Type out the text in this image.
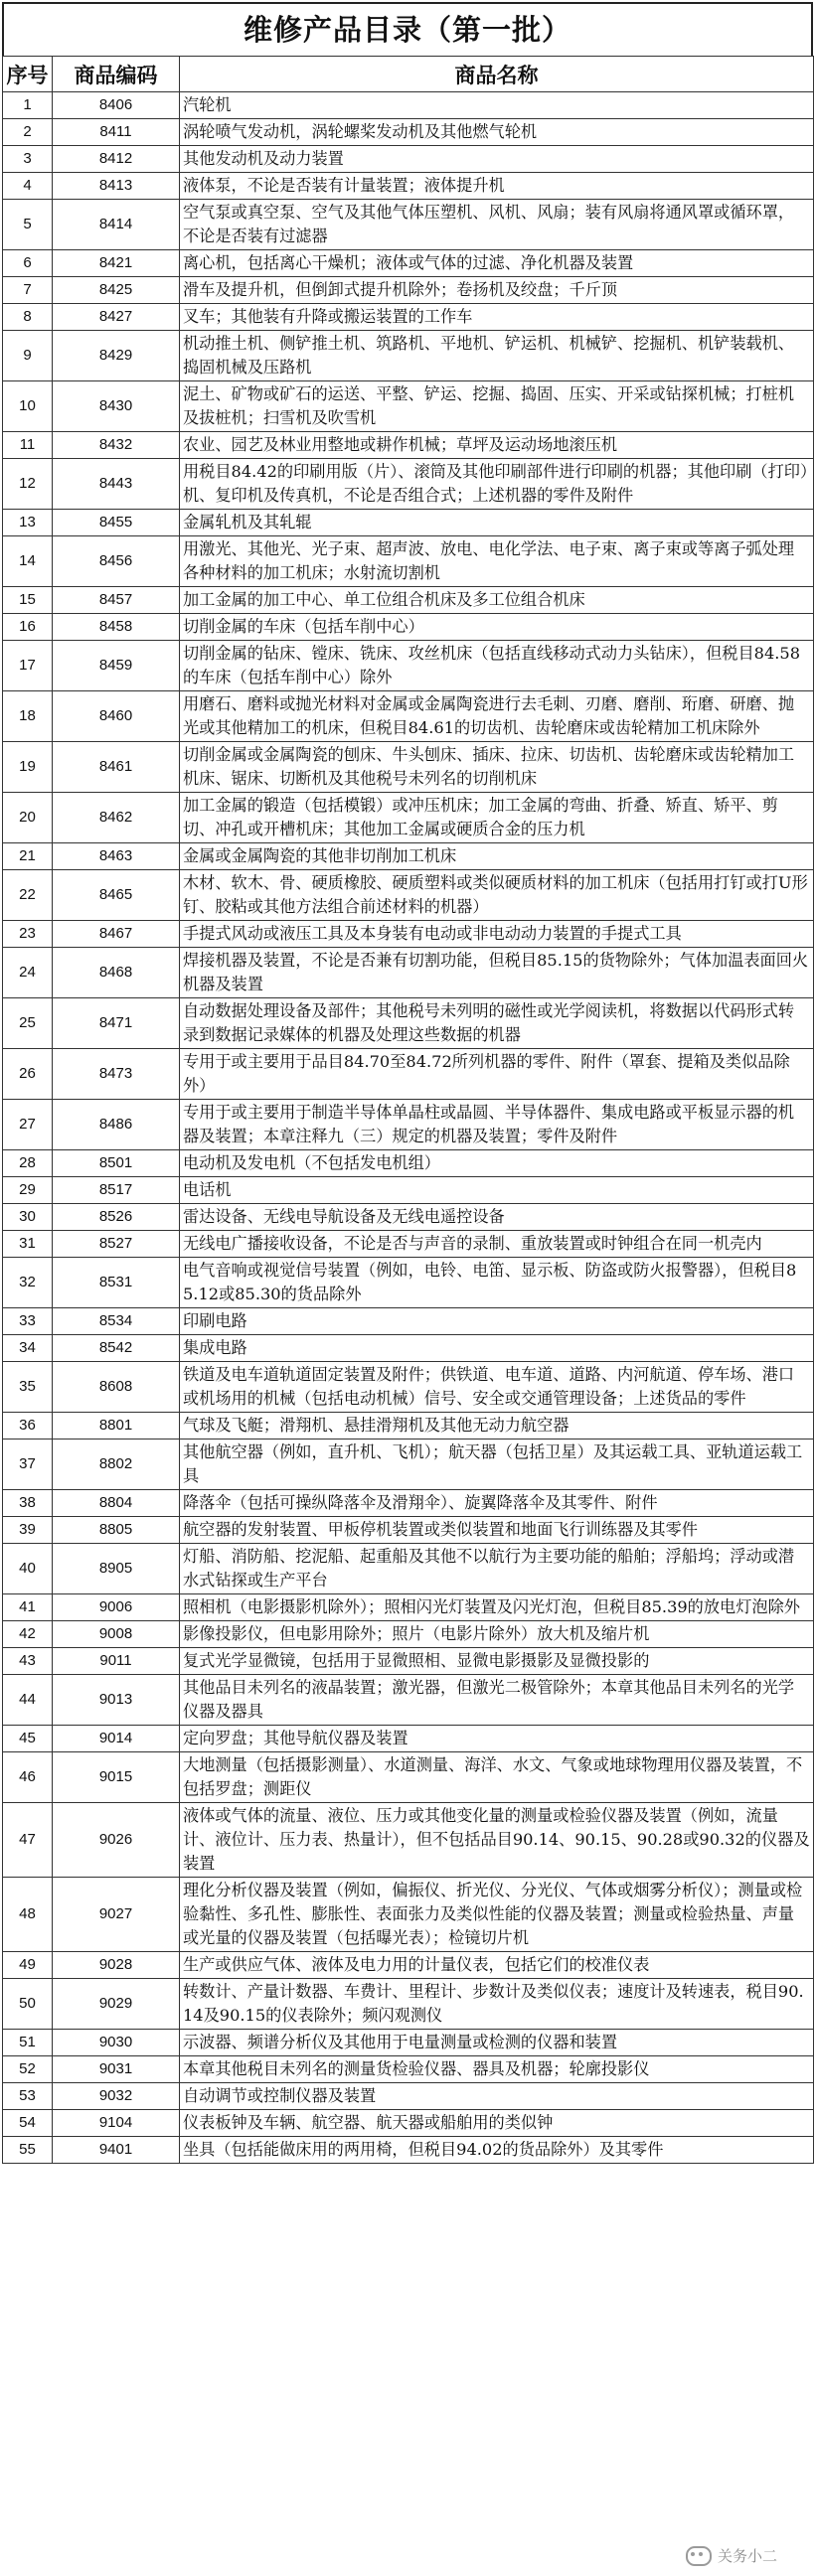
维修产品目录（第一批）
序号	商品编码	商品名称
1	8406	汽轮机
2	8411	涡轮喷气发动机，涡轮螺桨发动机及其他燃气轮机
3	8412	其他发动机及动力装置
4	8413	液体泵，不论是否装有计量装置；液体提升机
5	8414	空气泵或真空泵、空气及其他气体压塑机、风机、风扇；装有风扇将通风罩或循环罩，不论是否装有过滤器
6	8421	离心机，包括离心干燥机；液体或气体的过滤、净化机器及装置
7	8425	滑车及提升机，但倒卸式提升机除外；卷扬机及绞盘；千斤顶
8	8427	叉车；其他装有升降或搬运装置的工作车
9	8429	机动推土机、侧铲推土机、筑路机、平地机、铲运机、机械铲、挖掘机、机铲装载机、捣固机械及压路机
10	8430	泥土、矿物或矿石的运送、平整、铲运、挖掘、捣固、压实、开采或钻探机械；打桩机及拔桩机；扫雪机及吹雪机
11	8432	农业、园艺及林业用整地或耕作机械；草坪及运动场地滚压机
12	8443	用税目84.42的印刷用版（片）、滚筒及其他印刷部件进行印刷的机器；其他印刷（打印）机、复印机及传真机，不论是否组合式；上述机器的零件及附件
13	8455	金属轧机及其轧辊
14	8456	用激光、其他光、光子束、超声波、放电、电化学法、电子束、离子束或等离子弧处理各种材料的加工机床；水射流切割机
15	8457	加工金属的加工中心、单工位组合机床及多工位组合机床
16	8458	切削金属的车床（包括车削中心）
17	8459	切削金属的钻床、镗床、铣床、攻丝机床（包括直线移动式动力头钻床），但税目84.58的车床（包括车削中心）除外
18	8460	用磨石、磨料或抛光材料对金属或金属陶瓷进行去毛刺、刃磨、磨削、珩磨、研磨、抛光或其他精加工的机床，但税目84.61的切齿机、齿轮磨床或齿轮精加工机床除外
19	8461	切削金属或金属陶瓷的刨床、牛头刨床、插床、拉床、切齿机、齿轮磨床或齿轮精加工机床、锯床、切断机及其他税号未列名的切削机床
20	8462	加工金属的锻造（包括模锻）或冲压机床；加工金属的弯曲、折叠、矫直、矫平、剪切、冲孔或开槽机床；其他加工金属或硬质合金的压力机
21	8463	金属或金属陶瓷的其他非切削加工机床
22	8465	木材、软木、骨、硬质橡胶、硬质塑料或类似硬质材料的加工机床（包括用打钉或打U形钉、胶粘或其他方法组合前述材料的机器）
23	8467	手提式风动或液压工具及本身装有电动或非电动动力装置的手提式工具
24	8468	焊接机器及装置，不论是否兼有切割功能，但税目85.15的货物除外；气体加温表面回火机器及装置
25	8471	自动数据处理设备及部件；其他税号未列明的磁性或光学阅读机，将数据以代码形式转录到数据记录媒体的机器及处理这些数据的机器
26	8473	专用于或主要用于品目84.70至84.72所列机器的零件、附件（罩套、提箱及类似品除外）
27	8486	专用于或主要用于制造半导体单晶柱或晶圆、半导体器件、集成电路或平板显示器的机器及装置；本章注释九（三）规定的机器及装置；零件及附件
28	8501	电动机及发电机（不包括发电机组）
29	8517	电话机
30	8526	雷达设备、无线电导航设备及无线电遥控设备
31	8527	无线电广播接收设备，不论是否与声音的录制、重放装置或时钟组合在同一机壳内
32	8531	电气音响或视觉信号装置（例如，电铃、电笛、显示板、防盗或防火报警器），但税目85.12或85.30的货品除外
33	8534	印刷电路
34	8542	集成电路
35	8608	铁道及电车道轨道固定装置及附件；供铁道、电车道、道路、内河航道、停车场、港口或机场用的机械（包括电动机械）信号、安全或交通管理设备；上述货品的零件
36	8801	气球及飞艇；滑翔机、悬挂滑翔机及其他无动力航空器
37	8802	其他航空器（例如，直升机、飞机）；航天器（包括卫星）及其运载工具、亚轨道运载工具
38	8804	降落伞（包括可操纵降落伞及滑翔伞）、旋翼降落伞及其零件、附件
39	8805	航空器的发射装置、甲板停机装置或类似装置和地面飞行训练器及其零件
40	8905	灯船、消防船、挖泥船、起重船及其他不以航行为主要功能的船舶；浮船坞；浮动或潜水式钻探或生产平台
41	9006	照相机（电影摄影机除外）；照相闪光灯装置及闪光灯泡，但税目85.39的放电灯泡除外
42	9008	影像投影仪，但电影用除外；照片（电影片除外）放大机及缩片机
43	9011	复式光学显微镜，包括用于显微照相、显微电影摄影及显微投影的
44	9013	其他品目未列名的液晶装置；激光器，但激光二极管除外；本章其他品目未列名的光学仪器及器具
45	9014	定向罗盘；其他导航仪器及装置
46	9015	大地测量（包括摄影测量）、水道测量、海洋、水文、气象或地球物理用仪器及装置，不包括罗盘；测距仪
47	9026	液体或气体的流量、液位、压力或其他变化量的测量或检验仪器及装置（例如，流量计、液位计、压力表、热量计），但不包括品目90.14、90.15、90.28或90.32的仪器及装置
48	9027	理化分析仪器及装置（例如，偏振仪、折光仪、分光仪、气体或烟雾分析仪）；测量或检验黏性、多孔性、膨胀性、表面张力及类似性能的仪器及装置；测量或检验热量、声量或光量的仪器及装置（包括曝光表）；检镜切片机
49	9028	生产或供应气体、液体及电力用的计量仪表，包括它们的校准仪表
50	9029	转数计、产量计数器、车费计、里程计、步数计及类似仪表；速度计及转速表，税目90.14及90.15的仪表除外；频闪观测仪
51	9030	示波器、频谱分析仪及其他用于电量测量或检测的仪器和装置
52	9031	本章其他税目未列名的测量货检验仪器、器具及机器；轮廓投影仪
53	9032	自动调节或控制仪器及装置
54	9104	仪表板钟及车辆、航空器、航天器或船舶用的类似钟
55	9401	坐具（包括能做床用的两用椅，但税目94.02的货品除外）及其零件
关务小二
